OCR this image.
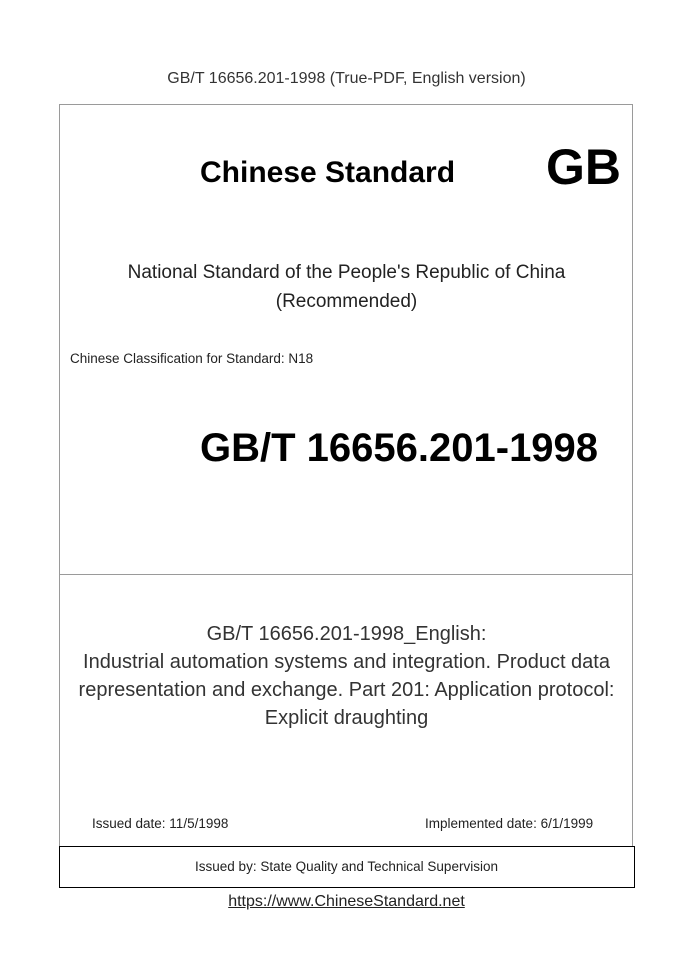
GB/T 16656.201-1998 (True-PDF, English version)
Chinese Standard GB
National Standard of the People's Republic of China
(Recommended)
Chinese Classification for Standard: N18
GB/T 16656.201-1998
GB/T 16656.201-1998_English:
Industrial automation systems and integration. Product data
representation and exchange. Part 201: Application protocol:
Explicit draughting
Issued date: 11/5/1998	Implemented date: 6/1/1999
Issued by: State Quality and Technical Supervision
https://www.ChineseStandard.net
